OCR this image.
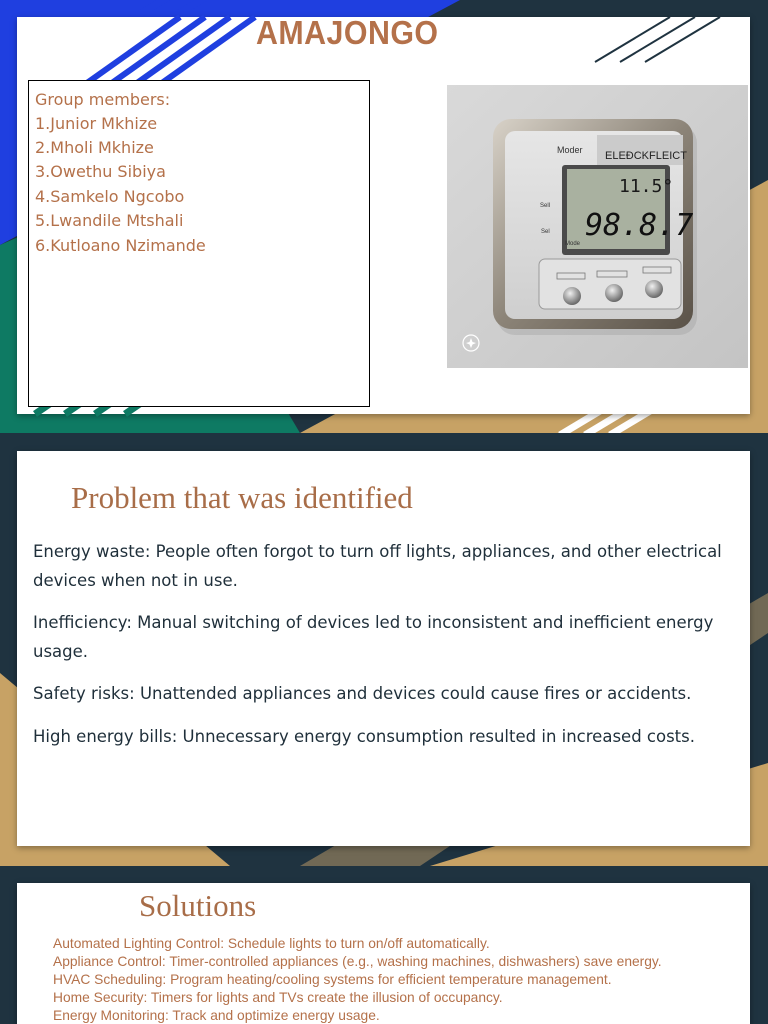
AMAJONGO
Group members:
1.Junior Mkhize
2.Mholi Mkhize
3.Owethu Sibiya
4.Samkelo Ngcobo
5.Lwandile Mtshali
6.Kutloano Nzimande
Moder ELEÐCKFLEICT
11.5°
98.8.7
Sell
Sel
Mode
Problem that was identified
Energy waste: People often forgot to turn off lights, appliances, and other electrical
devices when not in use.
Inefficiency: Manual switching of devices led to inconsistent and inefficient energy
usage.
Safety risks: Unattended appliances and devices could cause fires or accidents.
High energy bills: Unnecessary energy consumption resulted in increased costs.
Solutions
Automated Lighting Control: Schedule lights to turn on/off automatically.
Appliance Control: Timer-controlled appliances (e.g., washing machines, dishwashers) save energy.
HVAC Scheduling: Program heating/cooling systems for efficient temperature management.
Home Security: Timers for lights and TVs create the illusion of occupancy.
Energy Monitoring: Track and optimize energy usage.
